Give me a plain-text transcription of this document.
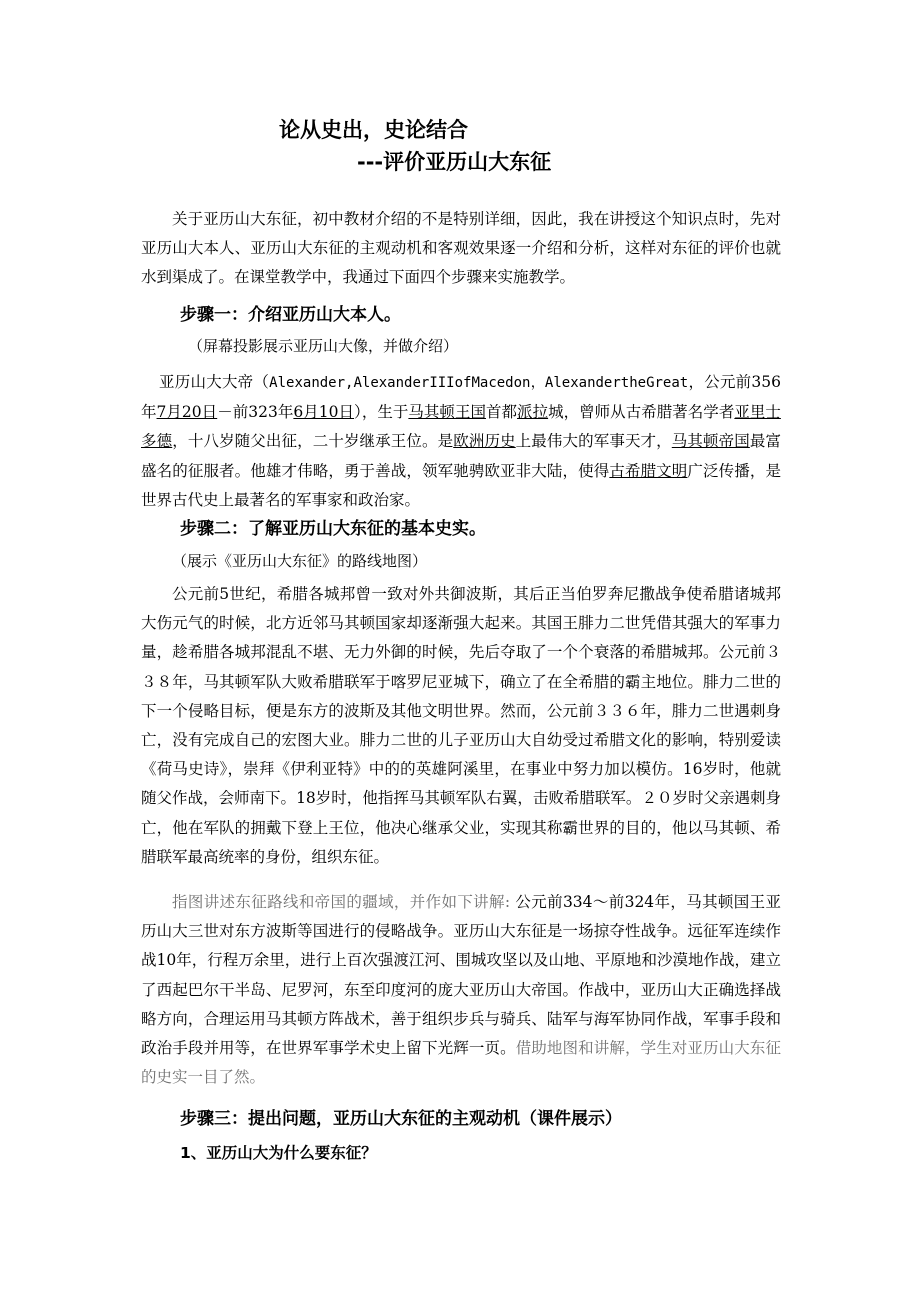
论从史出，史论结合
---评价亚历山大东征
关于亚历山大东征，初中教材介绍的不是特别详细，因此，我在讲授这个知识点时，先对亚历山大本人、亚历山大东征的主观动机和客观效果逐一介绍和分析，这样对东征的评价也就水到渠成了。在课堂教学中，我通过下面四个步骤来实施教学。
步骤一：介绍亚历山大本人。
（屏幕投影展示亚历山大像，并做介绍）
亚历山大大帝（Alexander,AlexanderIIIofMacedon，AlexandertheGreat，公元前356年7月20日－前323年6月10日），生于马其顿王国首都派拉城，曾师从古希腊著名学者亚里士多德，十八岁随父出征，二十岁继承王位。是欧洲历史上最伟大的军事天才，马其顿帝国最富盛名的征服者。他雄才伟略，勇于善战，领军驰骋欧亚非大陆，使得古希腊文明广泛传播，是世界古代史上最著名的军事家和政治家。
步骤二：了解亚历山大东征的基本史实。
（展示《亚历山大东征》的路线地图）
公元前5世纪，希腊各城邦曾一致对外共御波斯，其后正当伯罗奔尼撒战争使希腊诸城邦大伤元气的时候，北方近邻马其顿国家却逐渐强大起来。其国王腓力二世凭借其强大的军事力量，趁希腊各城邦混乱不堪、无力外御的时候，先后夺取了一个个衰落的希腊城邦。公元前３３８年，马其顿军队大败希腊联军于喀罗尼亚城下，确立了在全希腊的霸主地位。腓力二世的下一个侵略目标，便是东方的波斯及其他文明世界。然而，公元前３３６年，腓力二世遇刺身亡，没有完成自己的宏图大业。腓力二世的儿子亚历山大自幼受过希腊文化的影响，特别爱读《荷马史诗》，崇拜《伊利亚特》中的的英雄阿溪里，在事业中努力加以模仿。16岁时，他就随父作战，会师南下。18岁时，他指挥马其顿军队右翼，击败希腊联军。２０岁时父亲遇刺身亡，他在军队的拥戴下登上王位，他决心继承父业，实现其称霸世界的目的，他以马其顿、希腊联军最高统率的身份，组织东征。
指图讲述东征路线和帝国的疆域，并作如下讲解: 公元前334～前324年，马其顿国王亚历山大三世对东方波斯等国进行的侵略战争。亚历山大东征是一场掠夺性战争。远征军连续作战10年，行程万余里，进行上百次强渡江河、围城攻坚以及山地、平原地和沙漠地作战，建立了西起巴尔干半岛、尼罗河，东至印度河的庞大亚历山大帝国。作战中，亚历山大正确选择战略方向，合理运用马其顿方阵战术，善于组织步兵与骑兵、陆军与海军协同作战，军事手段和政治手段并用等，在世界军事学术史上留下光辉一页。借助地图和讲解，学生对亚历山大东征的史实一目了然。
步骤三：提出问题，亚历山大东征的主观动机（课件展示）
1、亚历山大为什么要东征？
